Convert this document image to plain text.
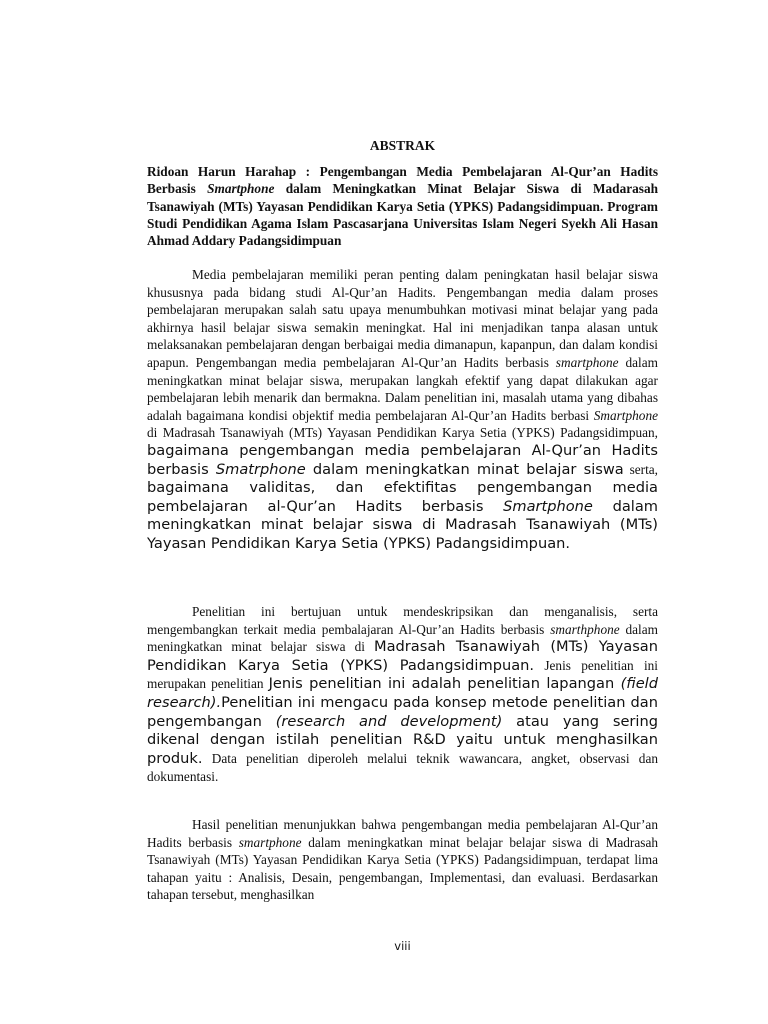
ABSTRAK

Ridoan Harun Harahap : Pengembangan Media Pembelajaran Al-Qur’an Hadits Berbasis Smartphone dalam Meningkatkan Minat Belajar Siswa di Madarasah Tsanawiyah (MTs) Yayasan Pendidikan Karya Setia (YPKS) Padangsidimpuan. Program Studi Pendidikan Agama Islam Pascasarjana Universitas Islam Negeri Syekh Ali Hasan Ahmad Addary Padangsidimpuan

Media pembelajaran memiliki peran penting dalam peningkatan hasil belajar siswa khususnya pada bidang studi Al-Qur’an Hadits. Pengembangan media dalam proses pembelajaran merupakan salah satu upaya menumbuhkan motivasi minat belajar yang pada akhirnya hasil belajar siswa semakin meningkat. Hal ini menjadikan tanpa alasan untuk melaksanakan pembelajaran dengan berbaigai media dimanapun, kapanpun, dan dalam kondisi apapun. Pengembangan media pembelajaran Al-Qur’an Hadits berbasis smartphone dalam meningkatkan minat belajar siswa, merupakan langkah efektif yang dapat dilakukan agar pembelajaran lebih menarik dan bermakna. Dalam penelitian ini, masalah utama yang dibahas adalah bagaimana kondisi objektif media pembelajaran Al-Qur’an Hadits berbasi Smartphone di Madrasah Tsanawiyah (MTs) Yayasan Pendidikan Karya Setia (YPKS) Padangsidimpuan, bagaimana pengembangan media pembelajaran Al-Qur’an Hadits berbasis Smatrphone dalam meningkatkan minat belajar siswa serta, bagaimana validitas, dan efektifitas pengembangan media pembelajaran al-Qur’an Hadits berbasis Smartphone dalam meningkatkan minat belajar siswa di Madrasah Tsanawiyah (MTs) Yayasan Pendidikan Karya Setia (YPKS) Padangsidimpuan.

Penelitian ini bertujuan untuk mendeskripsikan dan menganalisis, serta mengembangkan terkait media pembalajaran Al-Qur’an Hadits berbasis smarthphone dalam meningkatkan minat belajar siswa di Madrasah Tsanawiyah (MTs) Yayasan Pendidikan Karya Setia (YPKS) Padangsidimpuan. Jenis penelitian ini merupakan penelitian Jenis penelitian ini adalah penelitian lapangan (field research).Penelitian ini mengacu pada konsep metode penelitian dan pengembangan (research and development) atau yang sering dikenal dengan istilah penelitian R&D yaitu untuk menghasilkan produk. Data penelitian diperoleh melalui teknik wawancara, angket, observasi dan dokumentasi.

Hasil penelitian menunjukkan bahwa pengembangan media pembelajaran Al-Qur’an Hadits berbasis smartphone dalam meningkatkan minat belajar belajar siswa di Madrasah Tsanawiyah (MTs) Yayasan Pendidikan Karya Setia (YPKS) Padangsidimpuan, terdapat lima tahapan yaitu : Analisis, Desain, pengembangan, Implementasi, dan evaluasi. Berdasarkan tahapan tersebut, menghasilkan

viii
